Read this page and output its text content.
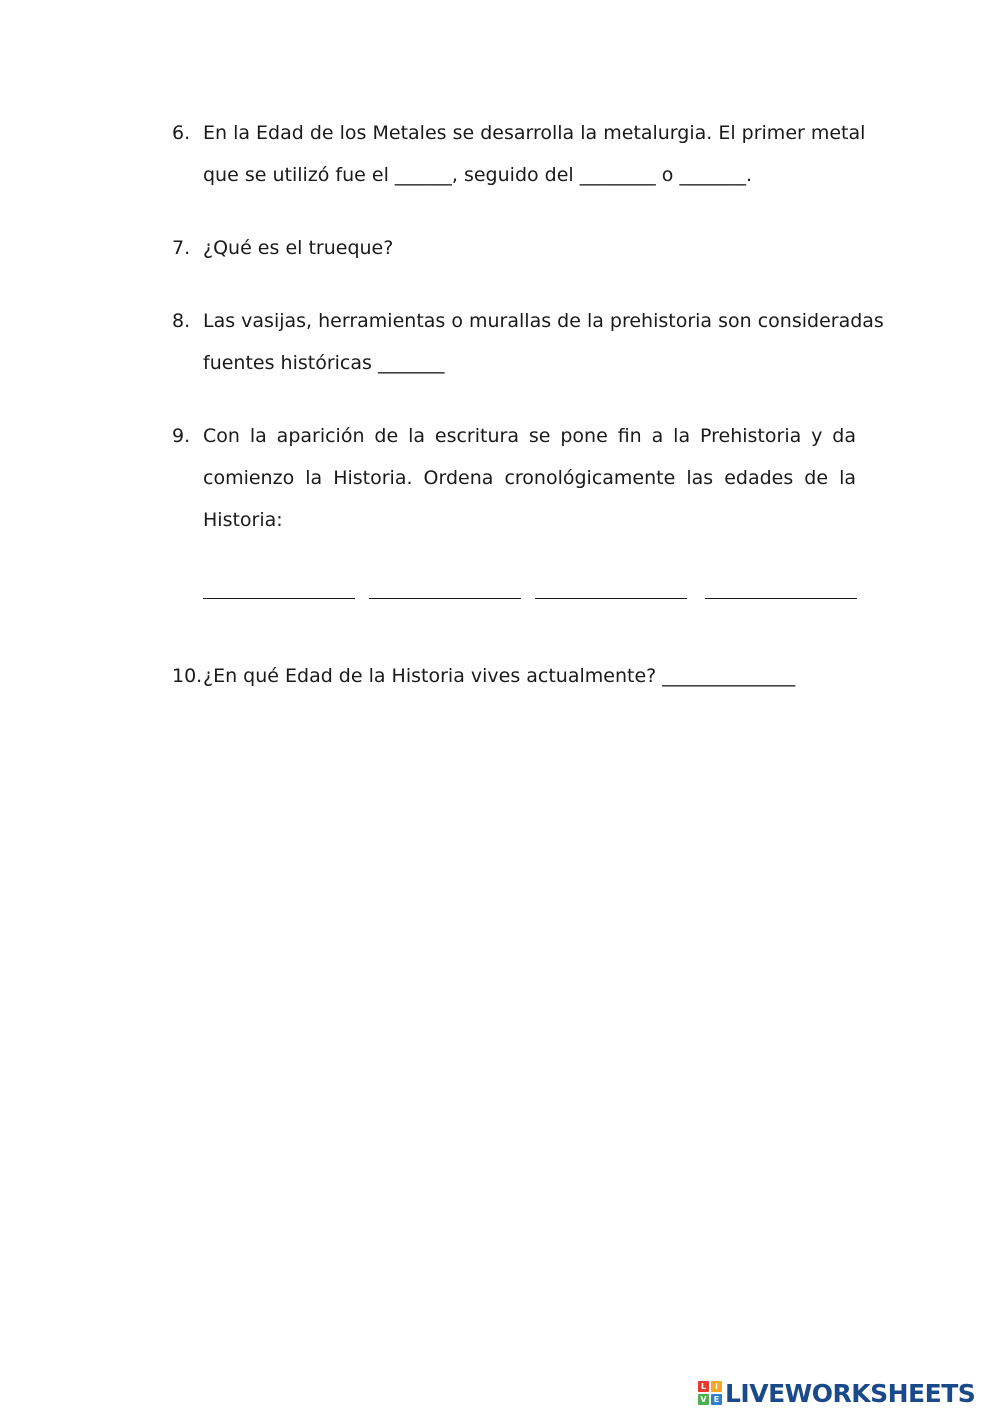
6. En la Edad de los Metales se desarrolla la metalurgia. El primer metal
que se utilizó fue el ______, seguido del ________ o _______.
7. ¿Qué es el trueque?
8. Las vasijas, herramientas o murallas de la prehistoria son consideradas
fuentes históricas _______
9. Con la aparición de la escritura se pone fin a la Prehistoria y da
comienzo la Historia. Ordena cronológicamente las edades de la
Historia:
10. ¿En qué Edad de la Historia vives actualmente? ______________
L	I
V E LIVEWORKSHEETS
